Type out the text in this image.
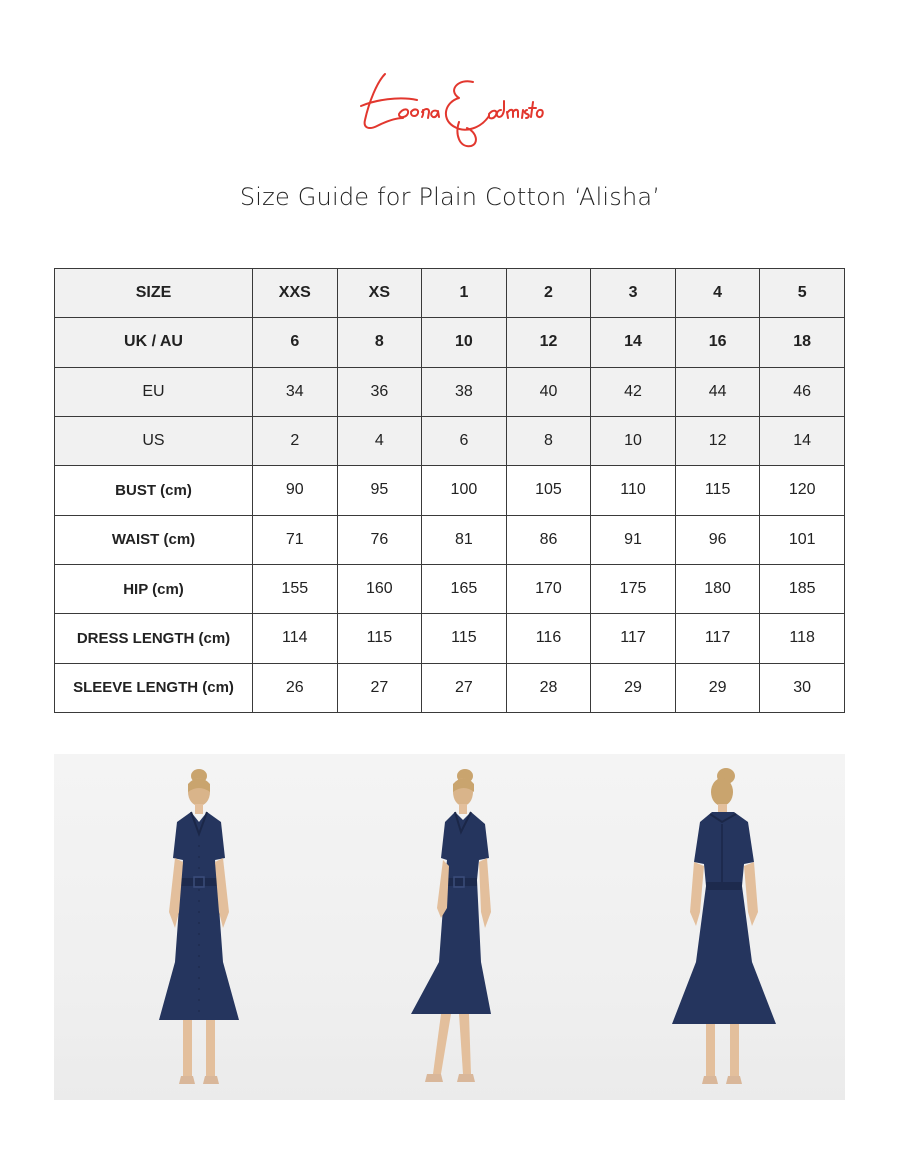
Size Guide for Plain Cotton ‘Alisha’
SIZE	XXS	XS	1	2	3	4	5
UK / AU	6	8	10	12	14	16	18
EU	34	36	38	40	42	44	46
US	2	4	6	8	10	12	14
BUST (cm)	90	95	100	105	110	115	120
WAIST (cm)	71	76	81	86	91	96	101
HIP (cm)	155	160	165	170	175	180	185
DRESS LENGTH (cm)	114	115	115	116	117	117	118
SLEEVE LENGTH (cm)	26	27	27	28	29	29	30
